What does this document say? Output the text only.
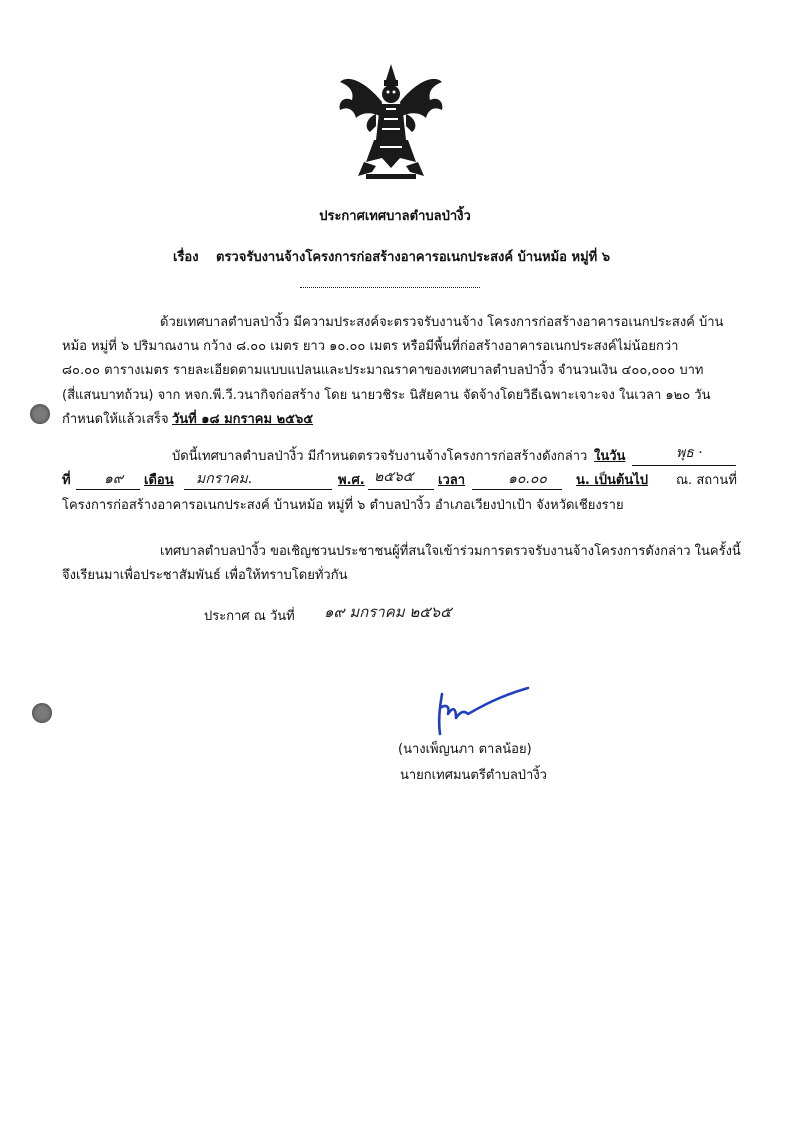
ประกาศเทศบาลตำบลป่างิ้ว
เรื่อง ตรวจรับงานจ้างโครงการก่อสร้างอาคารอเนกประสงค์ บ้านหม้อ หมู่ที่ ๖
ด้วยเทศบาลตำบลป่างิ้ว มีความประสงค์จะตรวจรับงานจ้าง โครงการก่อสร้างอาคารอเนกประสงค์ บ้าน
หม้อ หมู่ที่ ๖ ปริมาณงาน กว้าง ๘.๐๐ เมตร ยาว ๑๐.๐๐ เมตร หรือมีพื้นที่ก่อสร้างอาคารอเนกประสงค์ไม่น้อยกว่า
๘๐.๐๐ ตารางเมตร รายละเอียดตามแบบแปลนและประมาณราคาของเทศบาลตำบลป่างิ้ว จำนวนเงิน ๔๐๐,๐๐๐ บาท
(สี่แสนบาทถ้วน) จาก หจก.พี.วี.วนากิจก่อสร้าง โดย นายวชิระ นิสัยคาน จัดจ้างโดยวิธีเฉพาะเจาะจง ในเวลา ๑๒๐ วัน
กำหนดให้แล้วเสร็จ วันที่ ๑๘ มกราคม ๒๕๖๕
บัดนี้เทศบาลตำบลป่างิ้ว มีกำหนดตรวจรับงานจ้างโครงการก่อสร้างดังกล่าว ในวัน	พุธ ·
ที่ ๑๙ เดือน มกราคม.	พ.ศ. ๒๕๖๕ เวลา	๑๐.๐๐ น. เป็นต้นไป ณ. สถานที่
โครงการก่อสร้างอาคารอเนกประสงค์ บ้านหม้อ หมู่ที่ ๖ ตำบลป่างิ้ว อำเภอเวียงป่าเป้า จังหวัดเชียงราย
เทศบาลตำบลป่างิ้ว ขอเชิญชวนประชาชนผู้ที่สนใจเข้าร่วมการตรวจรับงานจ้างโครงการดังกล่าว ในครั้งนี้
จึงเรียนมาเพื่อประชาสัมพันธ์ เพื่อให้ทราบโดยทั่วกัน
ประกาศ ณ วันที่ ๑๙ มกราคม ๒๕๖๕
(นางเพ็ญนภา ตาลน้อย)
นายกเทศมนตรีตำบลป่างิ้ว
